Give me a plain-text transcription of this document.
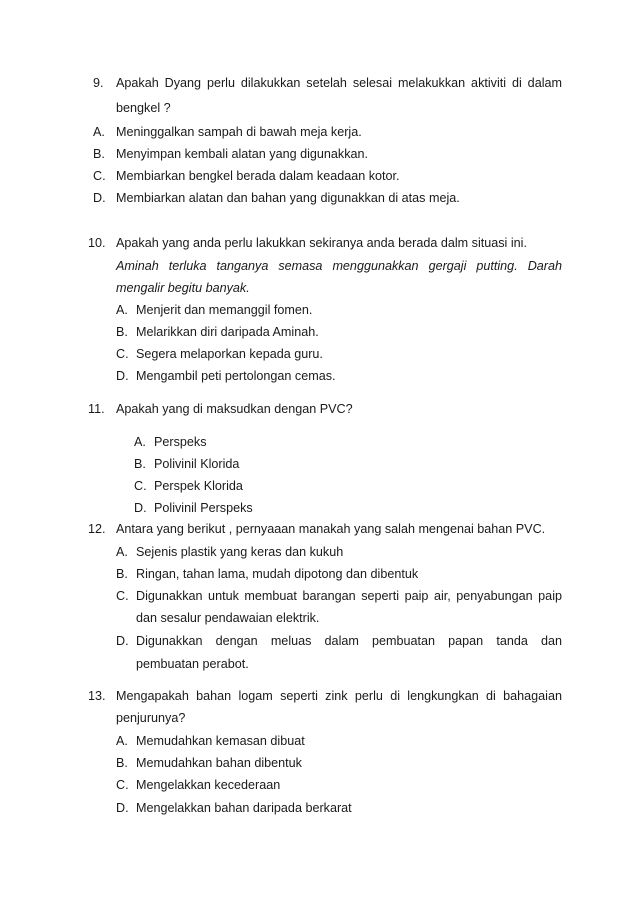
9. Apakah Dyang perlu dilakukkan setelah selesai melakukkan aktiviti di dalam
bengkel ?
A. Meninggalkan sampah di bawah meja kerja.
B. Menyimpan kembali alatan yang digunakkan.
C. Membiarkan bengkel berada dalam keadaan kotor.
D. Membiarkan alatan dan bahan yang digunakkan di atas meja.
10. Apakah yang anda perlu lakukkan sekiranya anda berada dalm situasi ini.
Aminah terluka tanganya semasa menggunakkan gergaji putting. Darah
mengalir begitu banyak.
A. Menjerit dan memanggil fomen.
B. Melarikkan diri daripada Aminah.
C. Segera melaporkan kepada guru.
D. Mengambil peti pertolongan cemas.
11. Apakah yang di maksudkan dengan PVC?
A. Perspeks
B. Polivinil Klorida
C. Perspek Klorida
D. Polivinil Perspeks
12. Antara yang berikut , pernyaaan manakah yang salah mengenai bahan PVC.
A. Sejenis plastik yang keras dan kukuh
B. Ringan, tahan lama, mudah dipotong dan dibentuk
C. Digunakkan untuk membuat barangan seperti paip air, penyabungan paip
dan sesalur pendawaian elektrik.
D. Digunakkan dengan meluas dalam pembuatan papan tanda dan
pembuatan perabot.
13. Mengapakah bahan logam seperti zink perlu di lengkungkan di bahagaian
penjurunya?
A. Memudahkan kemasan dibuat
B. Memudahkan bahan dibentuk
C. Mengelakkan kecederaan
D. Mengelakkan bahan daripada berkarat
